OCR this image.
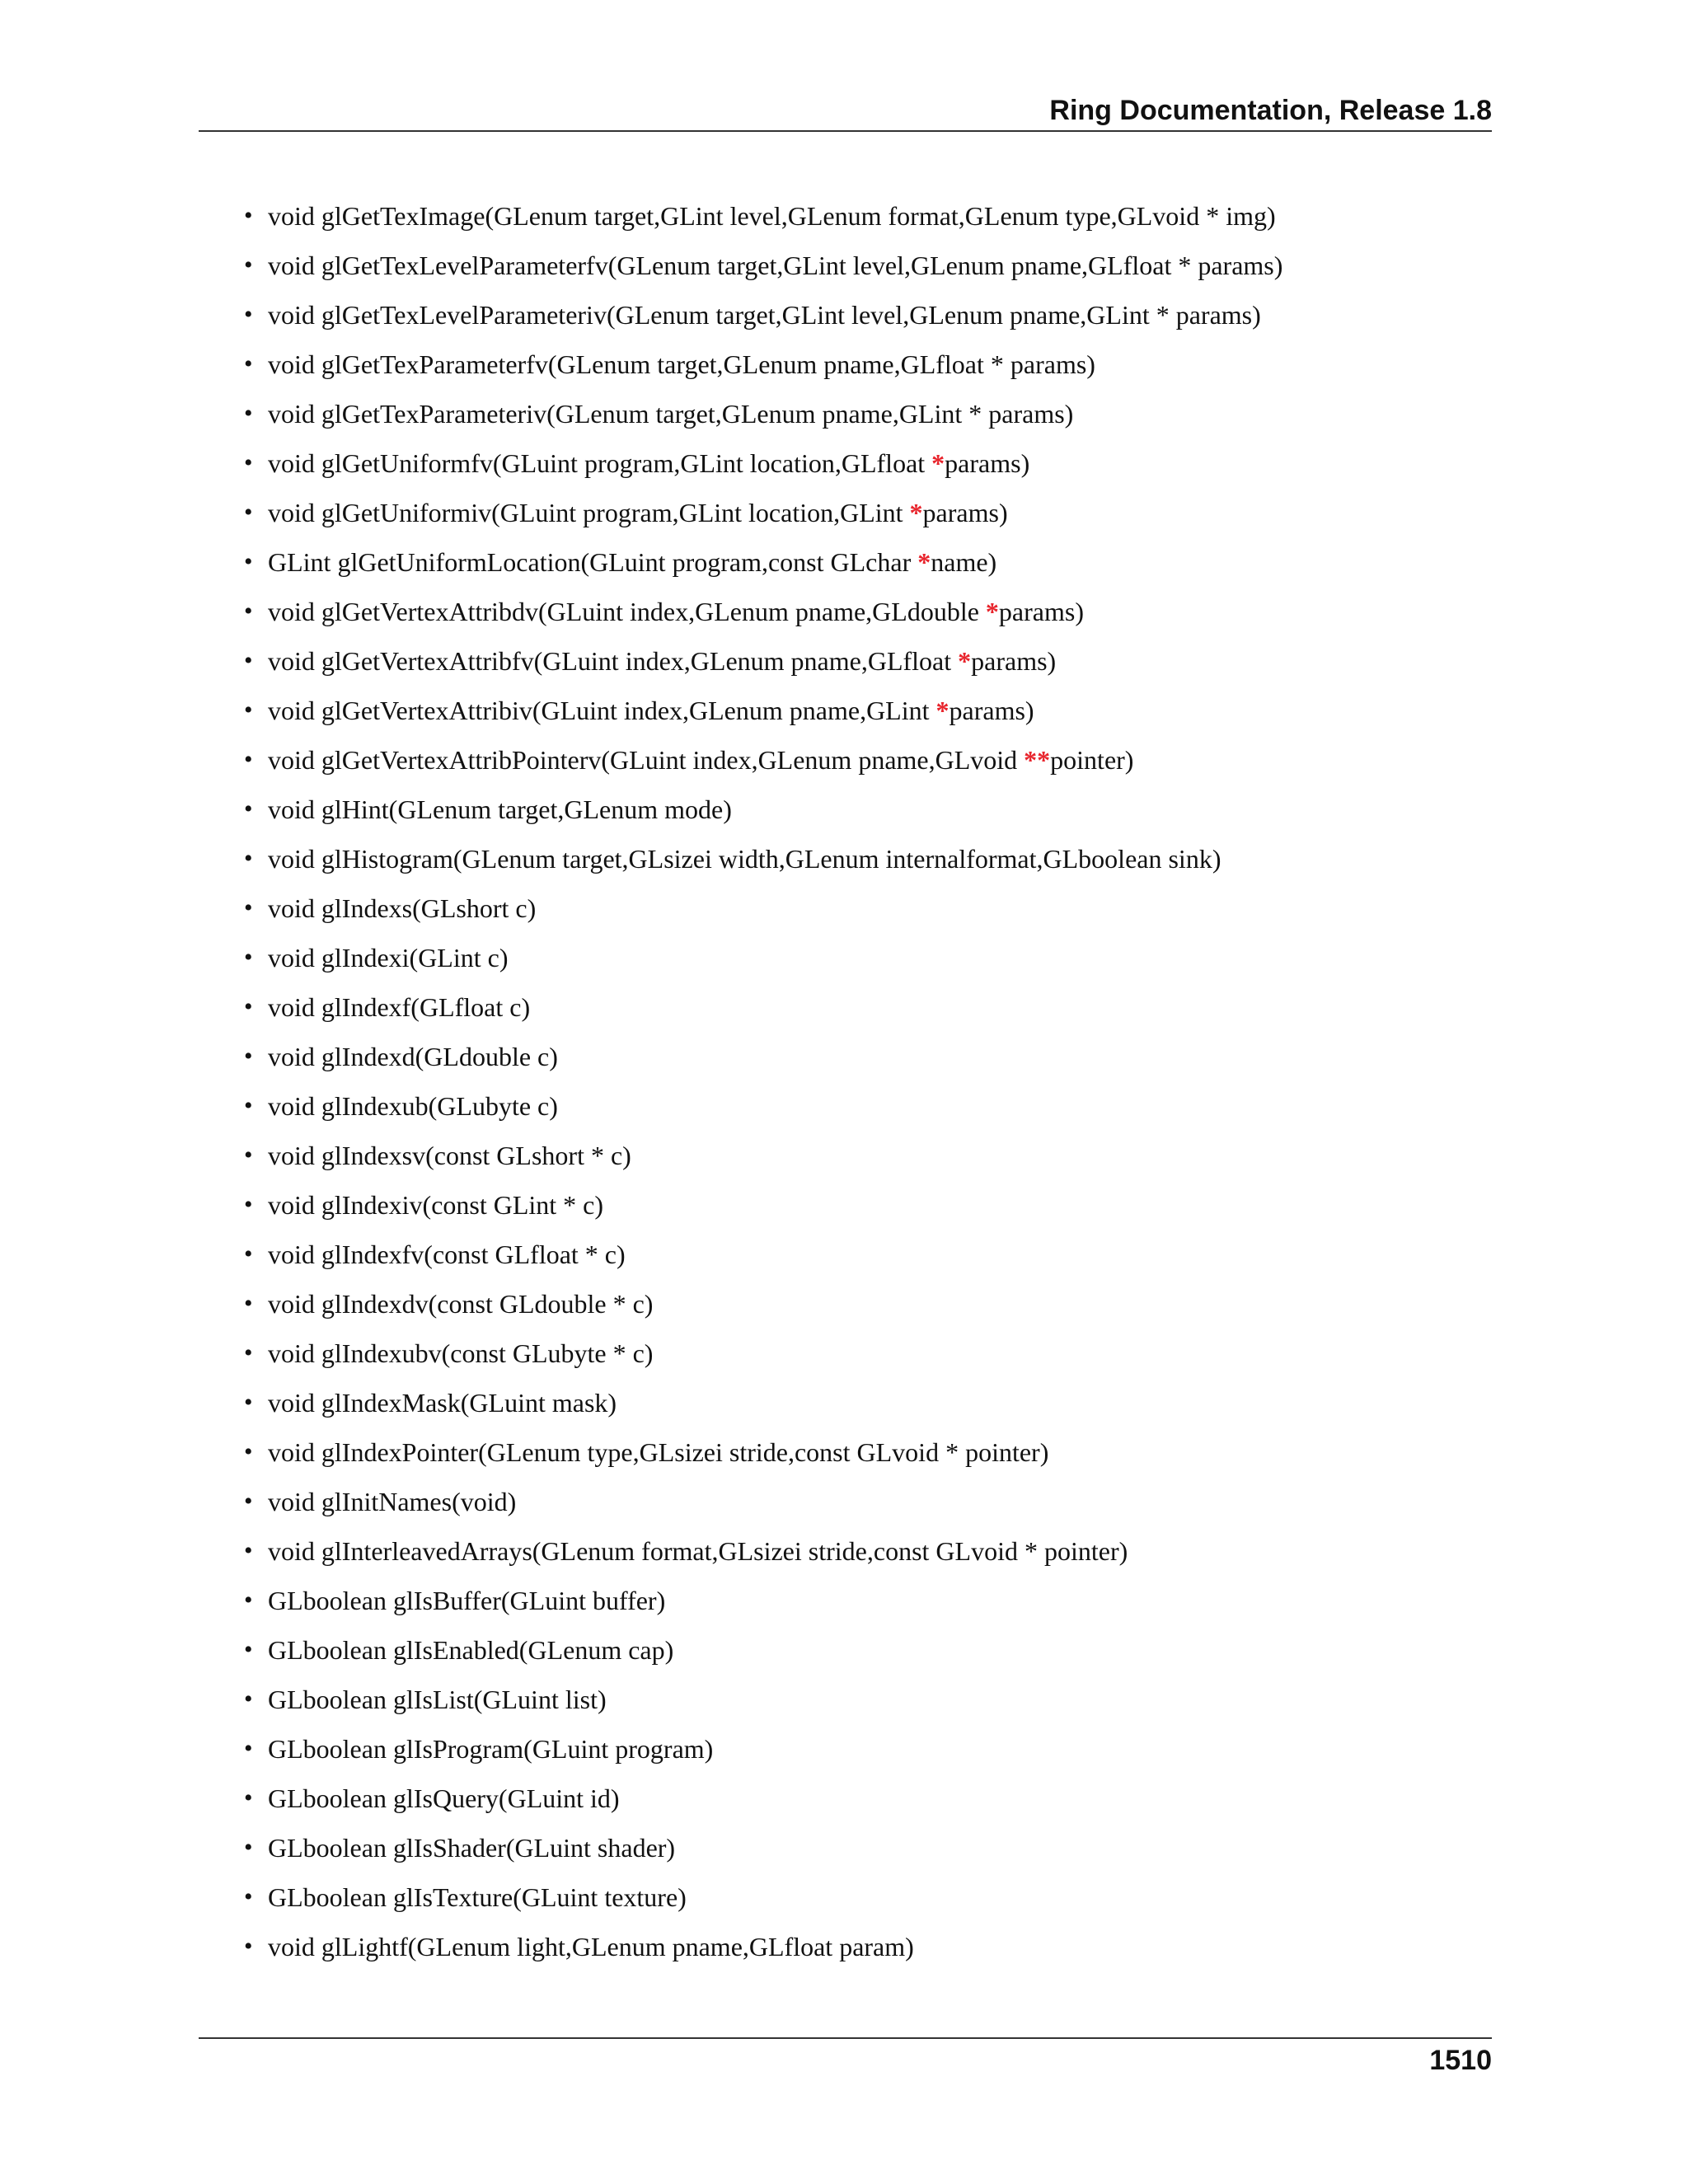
Ring Documentation, Release 1.8
• void glGetTexImage(GLenum target,GLint level,GLenum format,GLenum type,GLvoid * img)
• void glGetTexLevelParameterfv(GLenum target,GLint level,GLenum pname,GLfloat * params)
• void glGetTexLevelParameteriv(GLenum target,GLint level,GLenum pname,GLint * params)
• void glGetTexParameterfv(GLenum target,GLenum pname,GLfloat * params)
• void glGetTexParameteriv(GLenum target,GLenum pname,GLint * params)
• void glGetUniformfv(GLuint program,GLint location,GLfloat *params)
• void glGetUniformiv(GLuint program,GLint location,GLint *params)
• GLint glGetUniformLocation(GLuint program,const GLchar *name)
• void glGetVertexAttribdv(GLuint index,GLenum pname,GLdouble *params)
• void glGetVertexAttribfv(GLuint index,GLenum pname,GLfloat *params)
• void glGetVertexAttribiv(GLuint index,GLenum pname,GLint *params)
• void glGetVertexAttribPointerv(GLuint index,GLenum pname,GLvoid **pointer)
• void glHint(GLenum target,GLenum mode)
• void glHistogram(GLenum target,GLsizei width,GLenum internalformat,GLboolean sink)
• void glIndexs(GLshort c)
• void glIndexi(GLint c)
• void glIndexf(GLfloat c)
• void glIndexd(GLdouble c)
• void glIndexub(GLubyte c)
• void glIndexsv(const GLshort * c)
• void glIndexiv(const GLint * c)
• void glIndexfv(const GLfloat * c)
• void glIndexdv(const GLdouble * c)
• void glIndexubv(const GLubyte * c)
• void glIndexMask(GLuint mask)
• void glIndexPointer(GLenum type,GLsizei stride,const GLvoid * pointer)
• void glInitNames(void)
• void glInterleavedArrays(GLenum format,GLsizei stride,const GLvoid * pointer)
• GLboolean glIsBuffer(GLuint buffer)
• GLboolean glIsEnabled(GLenum cap)
• GLboolean glIsList(GLuint list)
• GLboolean glIsProgram(GLuint program)
• GLboolean glIsQuery(GLuint id)
• GLboolean glIsShader(GLuint shader)
• GLboolean glIsTexture(GLuint texture)
• void glLightf(GLenum light,GLenum pname,GLfloat param)
1510
